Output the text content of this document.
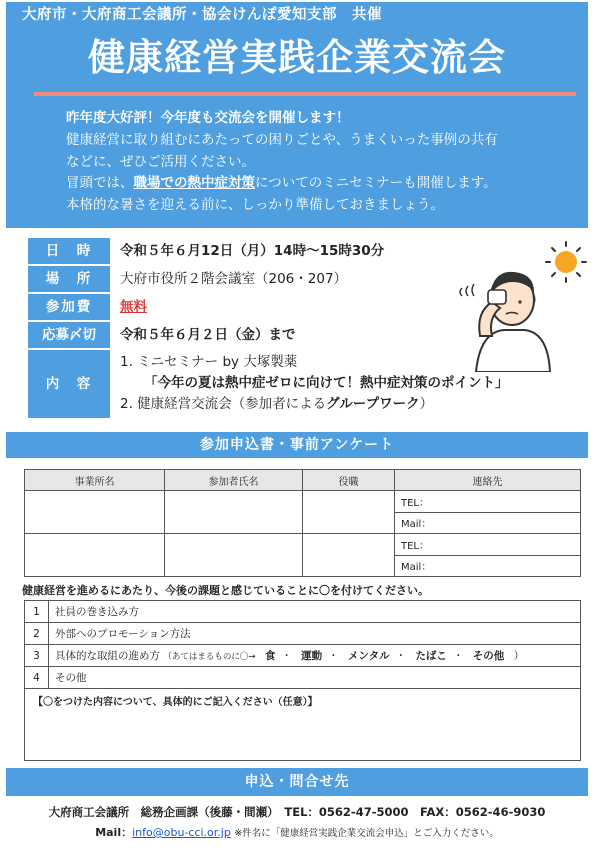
大府市・大府商工会議所・協会けんぽ愛知支部　共催
健康経営実践企業交流会
昨年度大好評！今年度も交流会を開催します！
健康経営に取り組むにあたっての困りごとや、うまくいった事例の共有
などに、ぜひご活用ください。
冒頭では、職場での熱中症対策についてのミニセミナーも開催します。
本格的な暑さを迎える前に、しっかり準備しておきましょう。
日　時	令和５年６月12日（月）14時～15時30分
場　所	大府市役所２階会議室（206・207）
参加費	無料
応募〆切	令和５年６月２日（金）まで
内　容
1. ミニセミナー by 大塚製薬
「今年の夏は熱中症ゼロに向けて！熱中症対策のポイント」
2. 健康経営交流会（参加者によるグループワーク）
参加申込書・事前アンケート
事業所名	参加者氏名	役職	連絡先
			TEL：
			Mail：
			TEL：
			Mail：
健康経営を進めるにあたり、今後の課題と感じていることに〇を付けてください。
1	社員の巻き込み方
2	外部へのプロモーション方法
3	具体的な取組の進め方 （あてはまるものに〇→ 食 ・ 運動 ・ メンタル ・ たばこ ・ その他 ）
4	その他
【〇をつけた内容について、具体的にご記入ください（任意）】
申込・問合せ先
大府商工会議所　総務企画課（後藤・間瀬）　TEL：0562-47-5000　FAX：0562-46-9030
Mail：info@obu-cci.or.jp ※件名に「健康経営実践企業交流会申込」とご入力ください。
